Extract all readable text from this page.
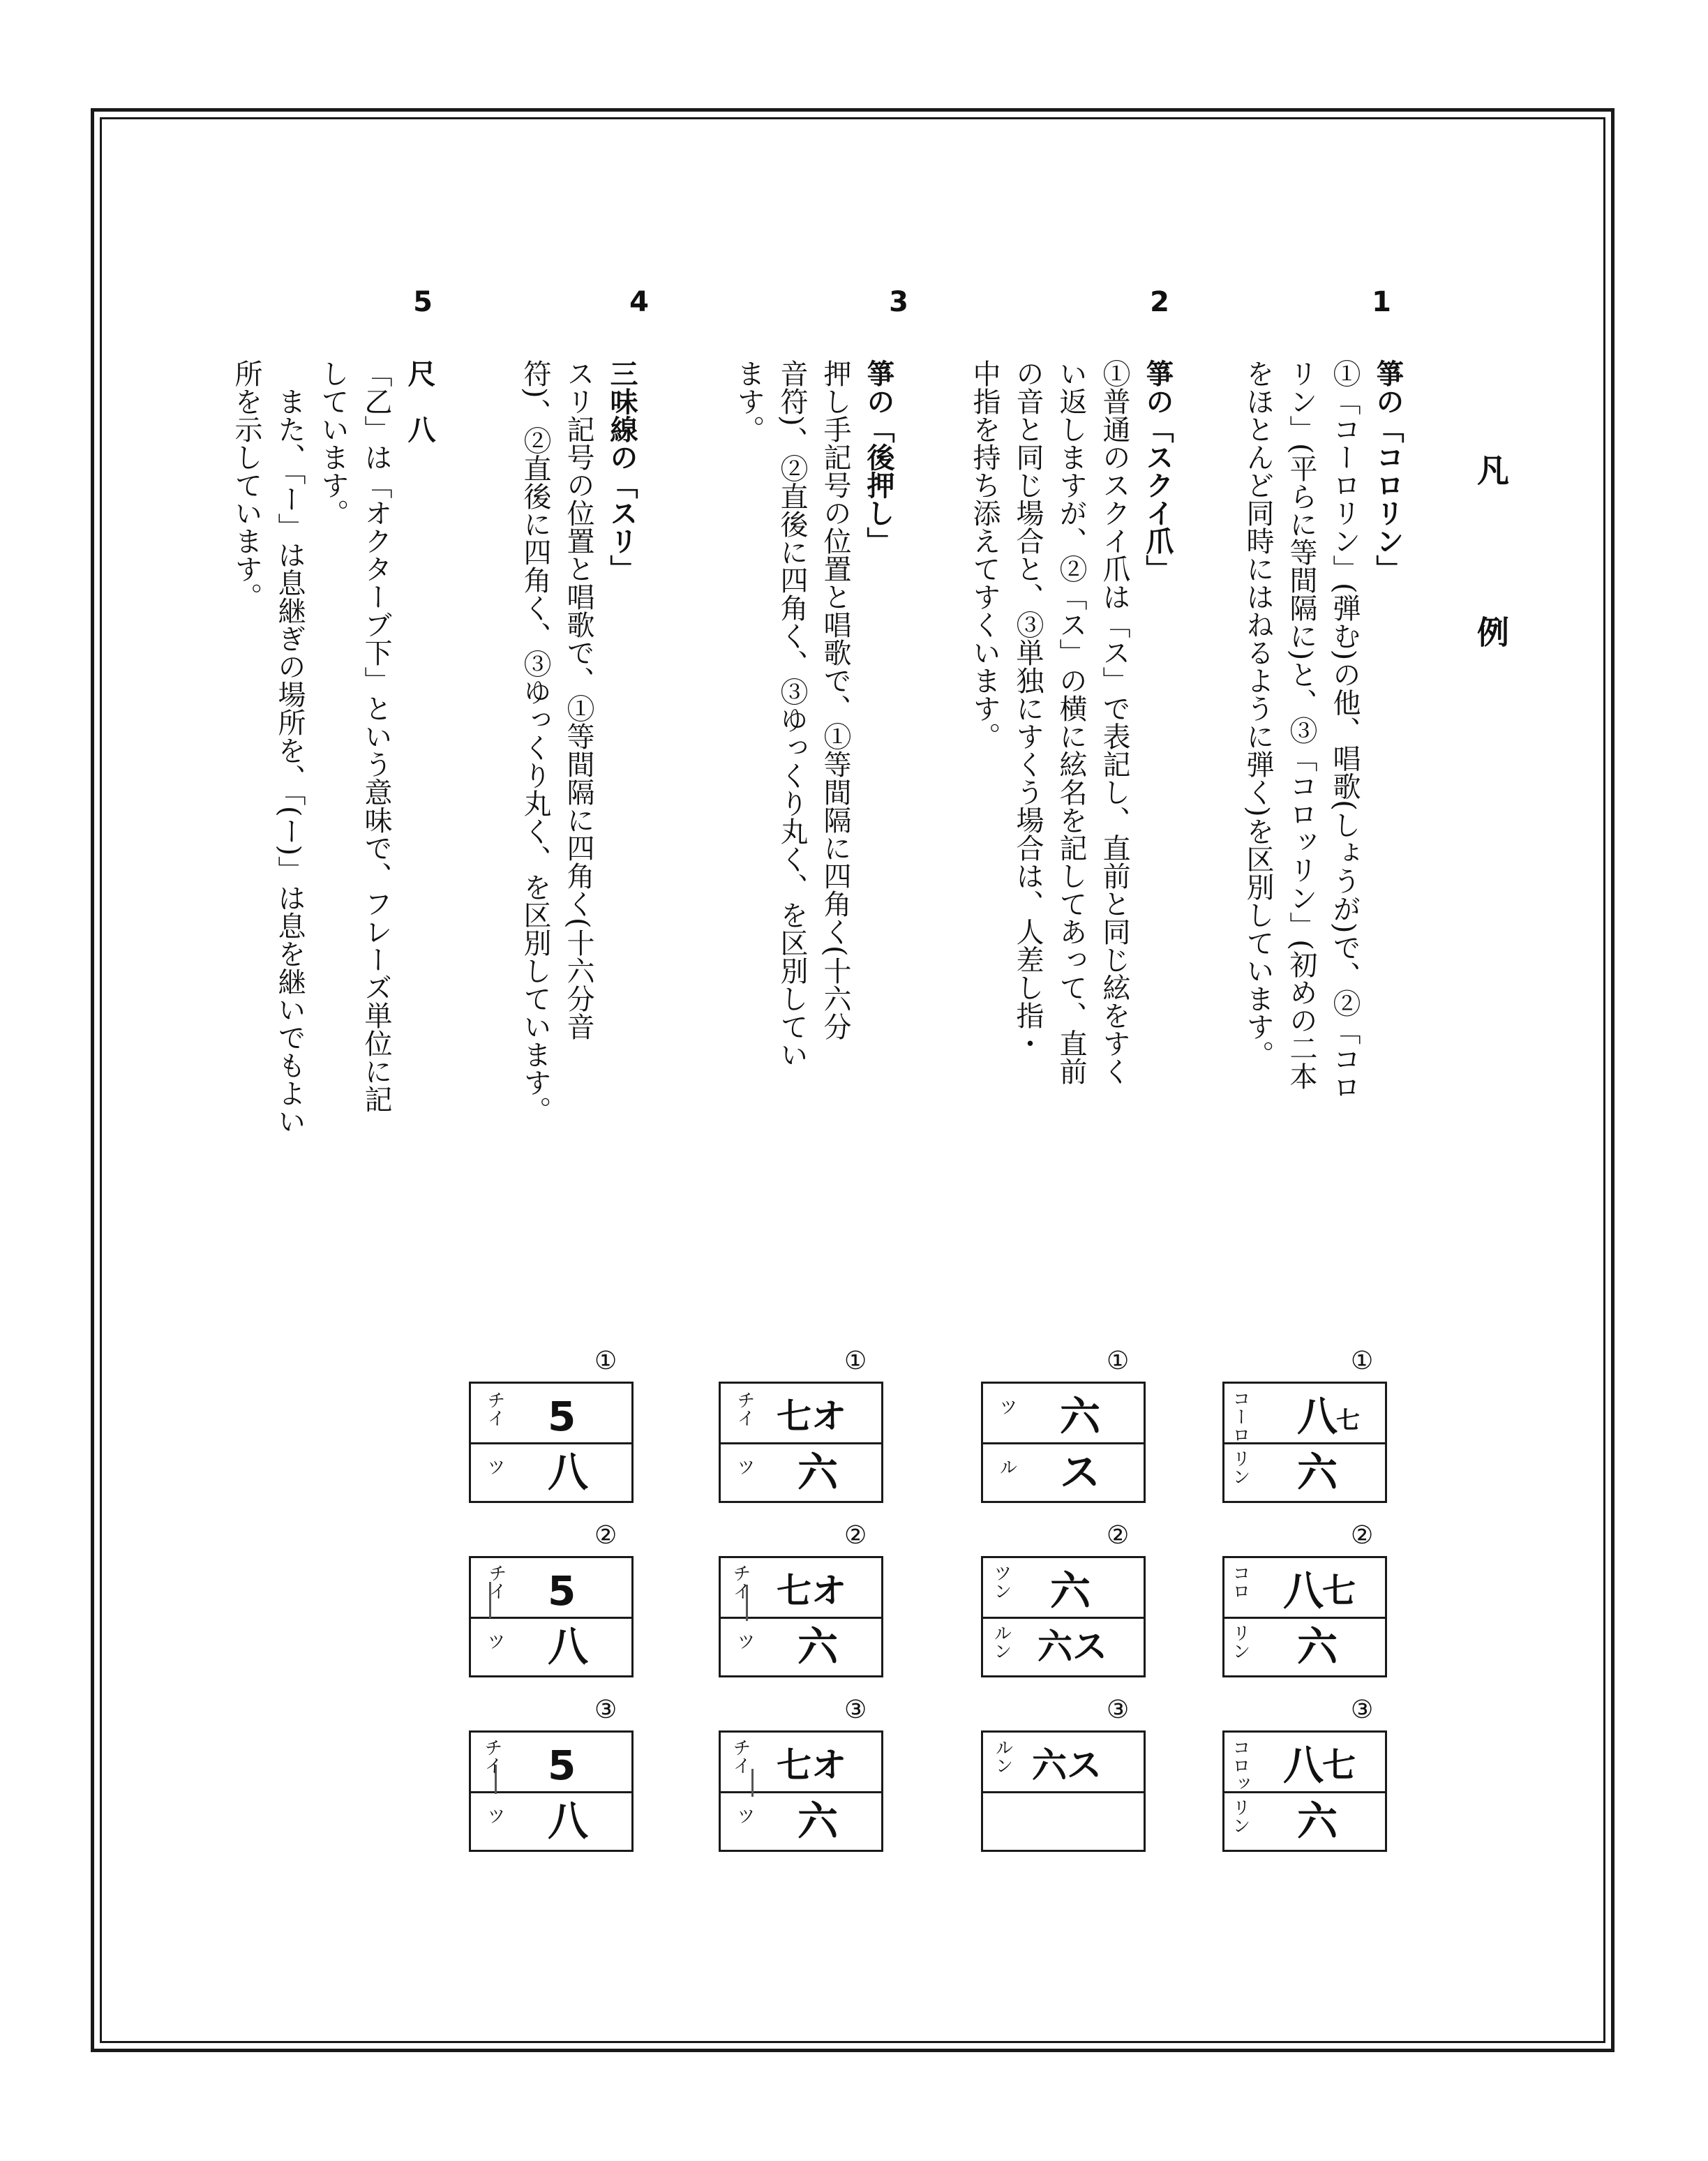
凡　例
1
2
3
4
5

箏の「コロリン」

①「コーロリン」(弾む)の他、唱歌(しょうが)で、②「コロ

リン」(平らに等間隔に)と、③「コロッリン」(初めの二本

をほとんど同時にはねるように弾く)を区別しています。

箏の「スクイ爪」

①普通のスクイ爪は「ス」で表記し、直前と同じ絃をすく

い返しますが、②「ス」の横に絃名を記してあって、直前

の音と同じ場合と、③単独にすくう場合は、人差し指・

中指を持ち添えてすくいます。

箏の「後押し」

押し手記号の位置と唱歌で、①等間隔に四角く(十六分

音符)、②直後に四角く、③ゆっくり丸く、を区別してい

ます。

三味線の「スリ」

スリ記号の位置と唱歌で、①等間隔に四角く(十六分音

符)、②直後に四角く、③ゆっくり丸く、を区別しています。

尺　八

「乙」は「オクターブ下」という意味で、フレーズ単位に記

しています。

　また、「ー」は息継ぎの場所を、「(ー)」は息を継いでもよい

所を示しています。

①
コーロ
リン
八
七
六
②
コロ
リン
八
七
六
③
コロッ
リン
八
七
六
①
ツ
ル
六
ス
②
ツン
ルン
六
六ス
③
ルン 六ス
①
チイ
ツ
七オ
六
②
チイ
ツ
七オ
六
③
チイ
ツ
七オ
六
①
チイ
ツ
5
八
②
チイ
ツ
5
八
③
チイ
ツ
5
八
